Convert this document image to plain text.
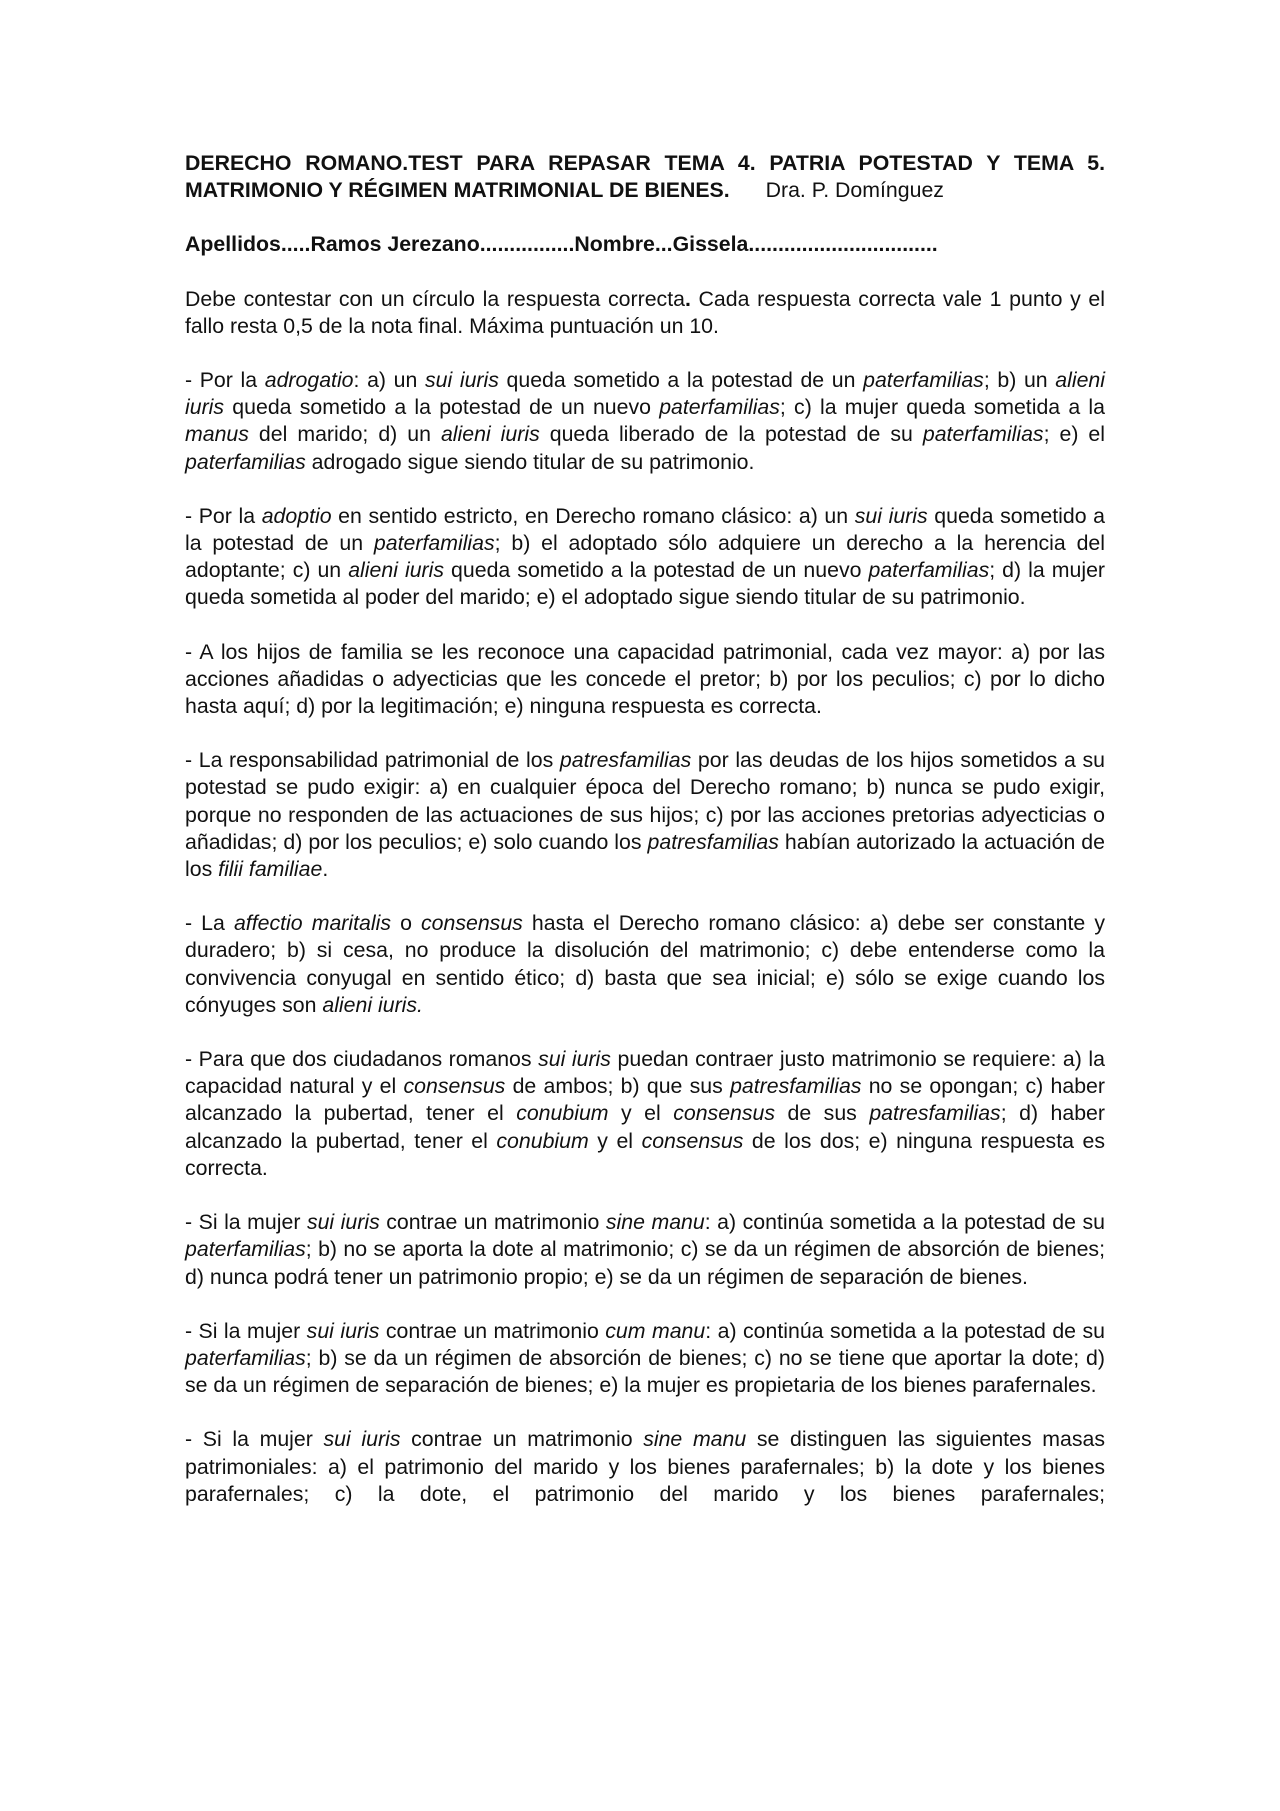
DERECHO ROMANO.TEST PARA REPASAR TEMA 4. PATRIA POTESTAD Y TEMA 5. MATRIMONIO Y RÉGIMEN MATRIMONIAL DE BIENES. Dra. P. Domínguez

Apellidos.....Ramos Jerezano................Nombre...Gissela................................

Debe contestar con un círculo la respuesta correcta. Cada respuesta correcta vale 1 punto y el fallo resta 0,5 de la nota final. Máxima puntuación un 10.

- Por la adrogatio: a) un sui iuris queda sometido a la potestad de un paterfamilias; b) un alieni iuris queda sometido a la potestad de un nuevo paterfamilias; c) la mujer queda sometida a la manus del marido; d) un alieni iuris queda liberado de la potestad de su paterfamilias; e) el paterfamilias adrogado sigue siendo titular de su patrimonio.

- Por la adoptio en sentido estricto, en Derecho romano clásico: a) un sui iuris queda sometido a la potestad de un paterfamilias; b) el adoptado sólo adquiere un derecho a la herencia del adoptante; c) un alieni iuris queda sometido a la potestad de un nuevo paterfamilias; d) la mujer queda sometida al poder del marido; e) el adoptado sigue siendo titular de su patrimonio.

- A los hijos de familia se les reconoce una capacidad patrimonial, cada vez mayor: a) por las acciones añadidas o adyecticias que les concede el pretor; b) por los peculios; c) por lo dicho hasta aquí; d) por la legitimación; e) ninguna respuesta es correcta.

- La responsabilidad patrimonial de los patresfamilias por las deudas de los hijos sometidos a su potestad se pudo exigir: a) en cualquier época del Derecho romano; b) nunca se pudo exigir, porque no responden de las actuaciones de sus hijos; c) por las acciones pretorias adyecticias o añadidas; d) por los peculios; e) solo cuando los patresfamilias habían autorizado la actuación de los filii familiae.

- La affectio maritalis o consensus hasta el Derecho romano clásico: a) debe ser constante y duradero; b) si cesa, no produce la disolución del matrimonio; c) debe entenderse como la convivencia conyugal en sentido ético; d) basta que sea inicial; e) sólo se exige cuando los cónyuges son alieni iuris.

- Para que dos ciudadanos romanos sui iuris puedan contraer justo matrimonio se requiere: a) la capacidad natural y el consensus de ambos; b) que sus patresfamilias no se opongan; c) haber alcanzado la pubertad, tener el conubium y el consensus de sus patresfamilias; d) haber alcanzado la pubertad, tener el conubium y el consensus de los dos; e) ninguna respuesta es correcta.

- Si la mujer sui iuris contrae un matrimonio sine manu: a) continúa sometida a la potestad de su paterfamilias; b) no se aporta la dote al matrimonio; c) se da un régimen de absorción de bienes; d) nunca podrá tener un patrimonio propio; e) se da un régimen de separación de bienes.

- Si la mujer sui iuris contrae un matrimonio cum manu: a) continúa sometida a la potestad de su paterfamilias; b) se da un régimen de absorción de bienes; c) no se tiene que aportar la dote; d) se da un régimen de separación de bienes; e) la mujer es propietaria de los bienes parafernales.

- Si la mujer sui iuris contrae un matrimonio sine manu se distinguen las siguientes masas patrimoniales: a) el patrimonio del marido y los bienes parafernales; b) la dote y los bienes parafernales; c) la dote, el patrimonio del marido y los bienes parafernales;
